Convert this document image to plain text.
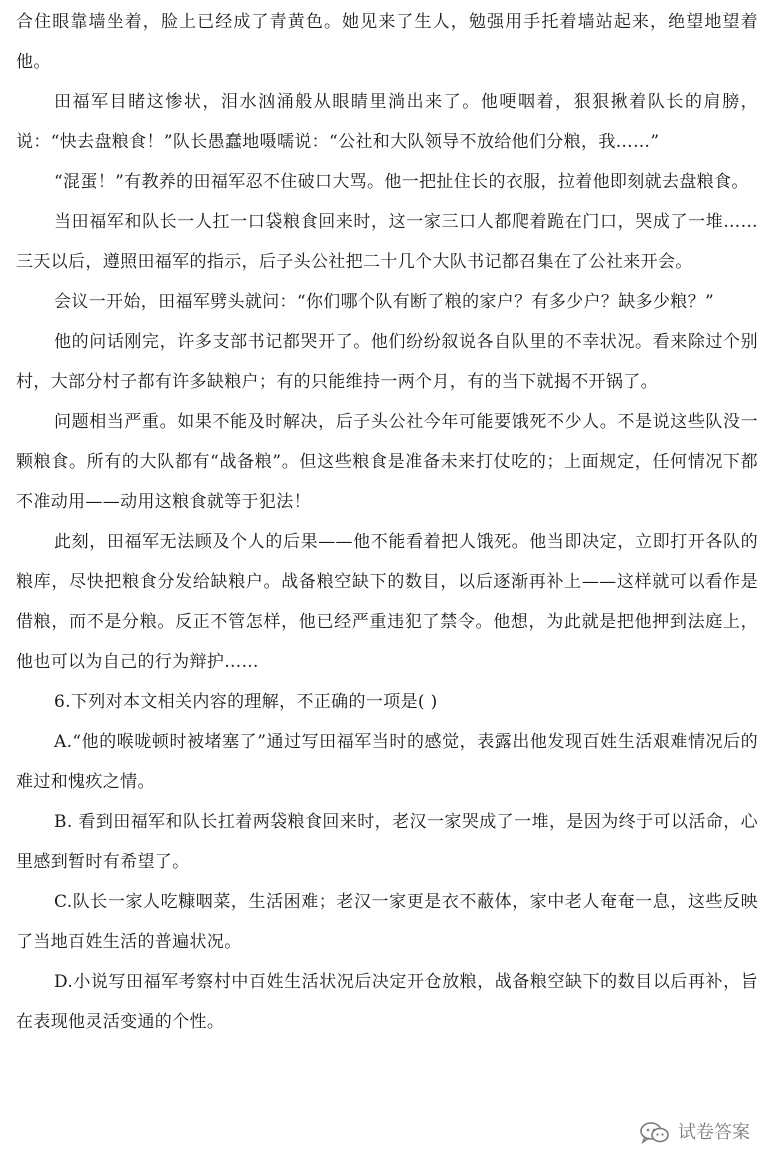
合住眼靠墙坐着，脸上已经成了青黄色。她见来了生人，勉强用手托着墙站起来，绝望地望着他。

田福军目睹这惨状，泪水汹涌般从眼睛里淌出来了。他哽咽着，狠狠揪着队长的肩膀，说：“快去盘粮食！”队长愚蠢地嗫嚅说：“公社和大队领导不放给他们分粮，我……”

“混蛋！”有教养的田福军忍不住破口大骂。他一把扯住长的衣服，拉着他即刻就去盘粮食。

当田福军和队长一人扛一口袋粮食回来时，这一家三口人都爬着跪在门口，哭成了一堆……三天以后，遵照田福军的指示，后子头公社把二十几个大队书记都召集在了公社来开会。

会议一开始，田福军劈头就问：“你们哪个队有断了粮的家户？有多少户？缺多少粮？”

他的问话刚完，许多支部书记都哭开了。他们纷纷叙说各自队里的不幸状况。看来除过个别村，大部分村子都有许多缺粮户；有的只能维持一两个月，有的当下就揭不开锅了。

问题相当严重。如果不能及时解决，后子头公社今年可能要饿死不少人。不是说这些队没一颗粮食。所有的大队都有“战备粮”。但这些粮食是准备未来打仗吃的；上面规定，任何情况下都不准动用——动用这粮食就等于犯法！

此刻，田福军无法顾及个人的后果——他不能看着把人饿死。他当即决定，立即打开各队的粮库，尽快把粮食分发给缺粮户。战备粮空缺下的数目，以后逐渐再补上——这样就可以看作是借粮，而不是分粮。反正不管怎样，他已经严重违犯了禁令。他想，为此就是把他押到法庭上，他也可以为自己的行为辩护……

6.下列对本文相关内容的理解，不正确的一项是( )

A.“他的喉咙顿时被堵塞了”通过写田福军当时的感觉，表露出他发现百姓生活艰难情况后的难过和愧疚之情。

B. 看到田福军和队长扛着两袋粮食回来时，老汉一家哭成了一堆，是因为终于可以活命，心里感到暂时有希望了。

C.队长一家人吃糠咽菜，生活困难；老汉一家更是衣不蔽体，家中老人奄奄一息，这些反映了当地百姓生活的普遍状况。

D.小说写田福军考察村中百姓生活状况后决定开仓放粮，战备粮空缺下的数目以后再补，旨在表现他灵活变通的个性。

试卷答案
